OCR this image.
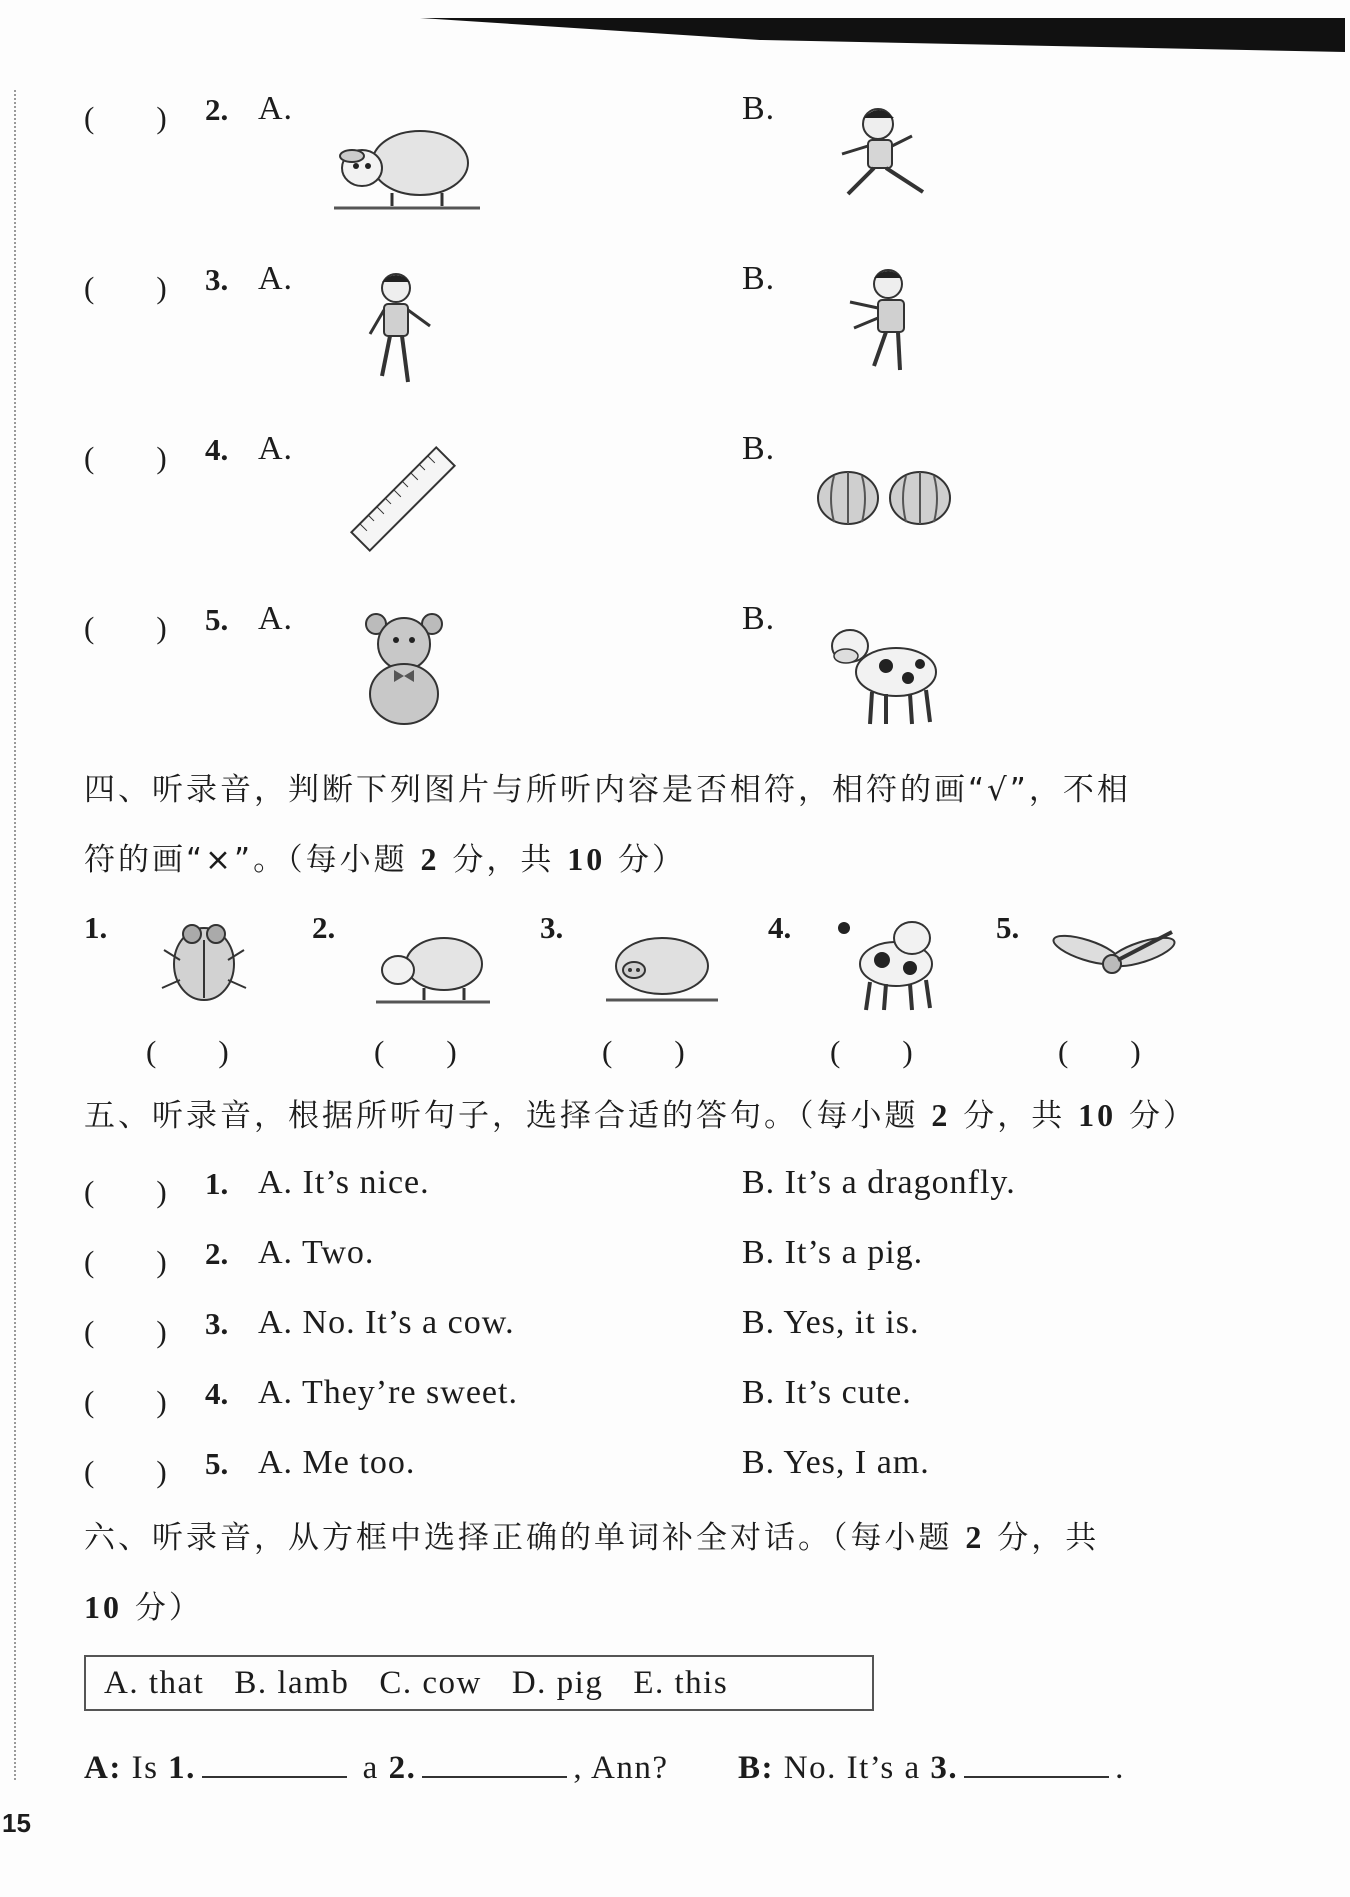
(　　) 2. A.	B.
(　　) 3. A.	B.
(　　) 4. A.	B.
(　　) 5. A.	B.
四、听录音，判断下列图片与所听内容是否相符，相符的画“√”，不相
符的画“×”。（每小题 2 分，共 10 分）
1.
(　　)
2.
(　　)
3.
(　　)
4.
(　　)
5.
(　　)
五、听录音，根据所听句子，选择合适的答句。（每小题 2 分，共 10 分）
(　　) 1. A. It’s nice.	B. It’s a dragonfly.
(　　) 2. A. Two.	B. It’s a pig.
(　　) 3. A. No. It’s a cow.	B. Yes, it is.
(　　) 4. A. They’re sweet.	B. It’s cute.
(　　) 5. A. Me too.	B. Yes, I am.
六、听录音，从方框中选择正确的单词补全对话。（每小题 2 分，共
10 分）
A. that B. lamb C. cow D. pig E. this
A: Is 1.	a 2.	, Ann? B: No. It’s a 3.	.
15
